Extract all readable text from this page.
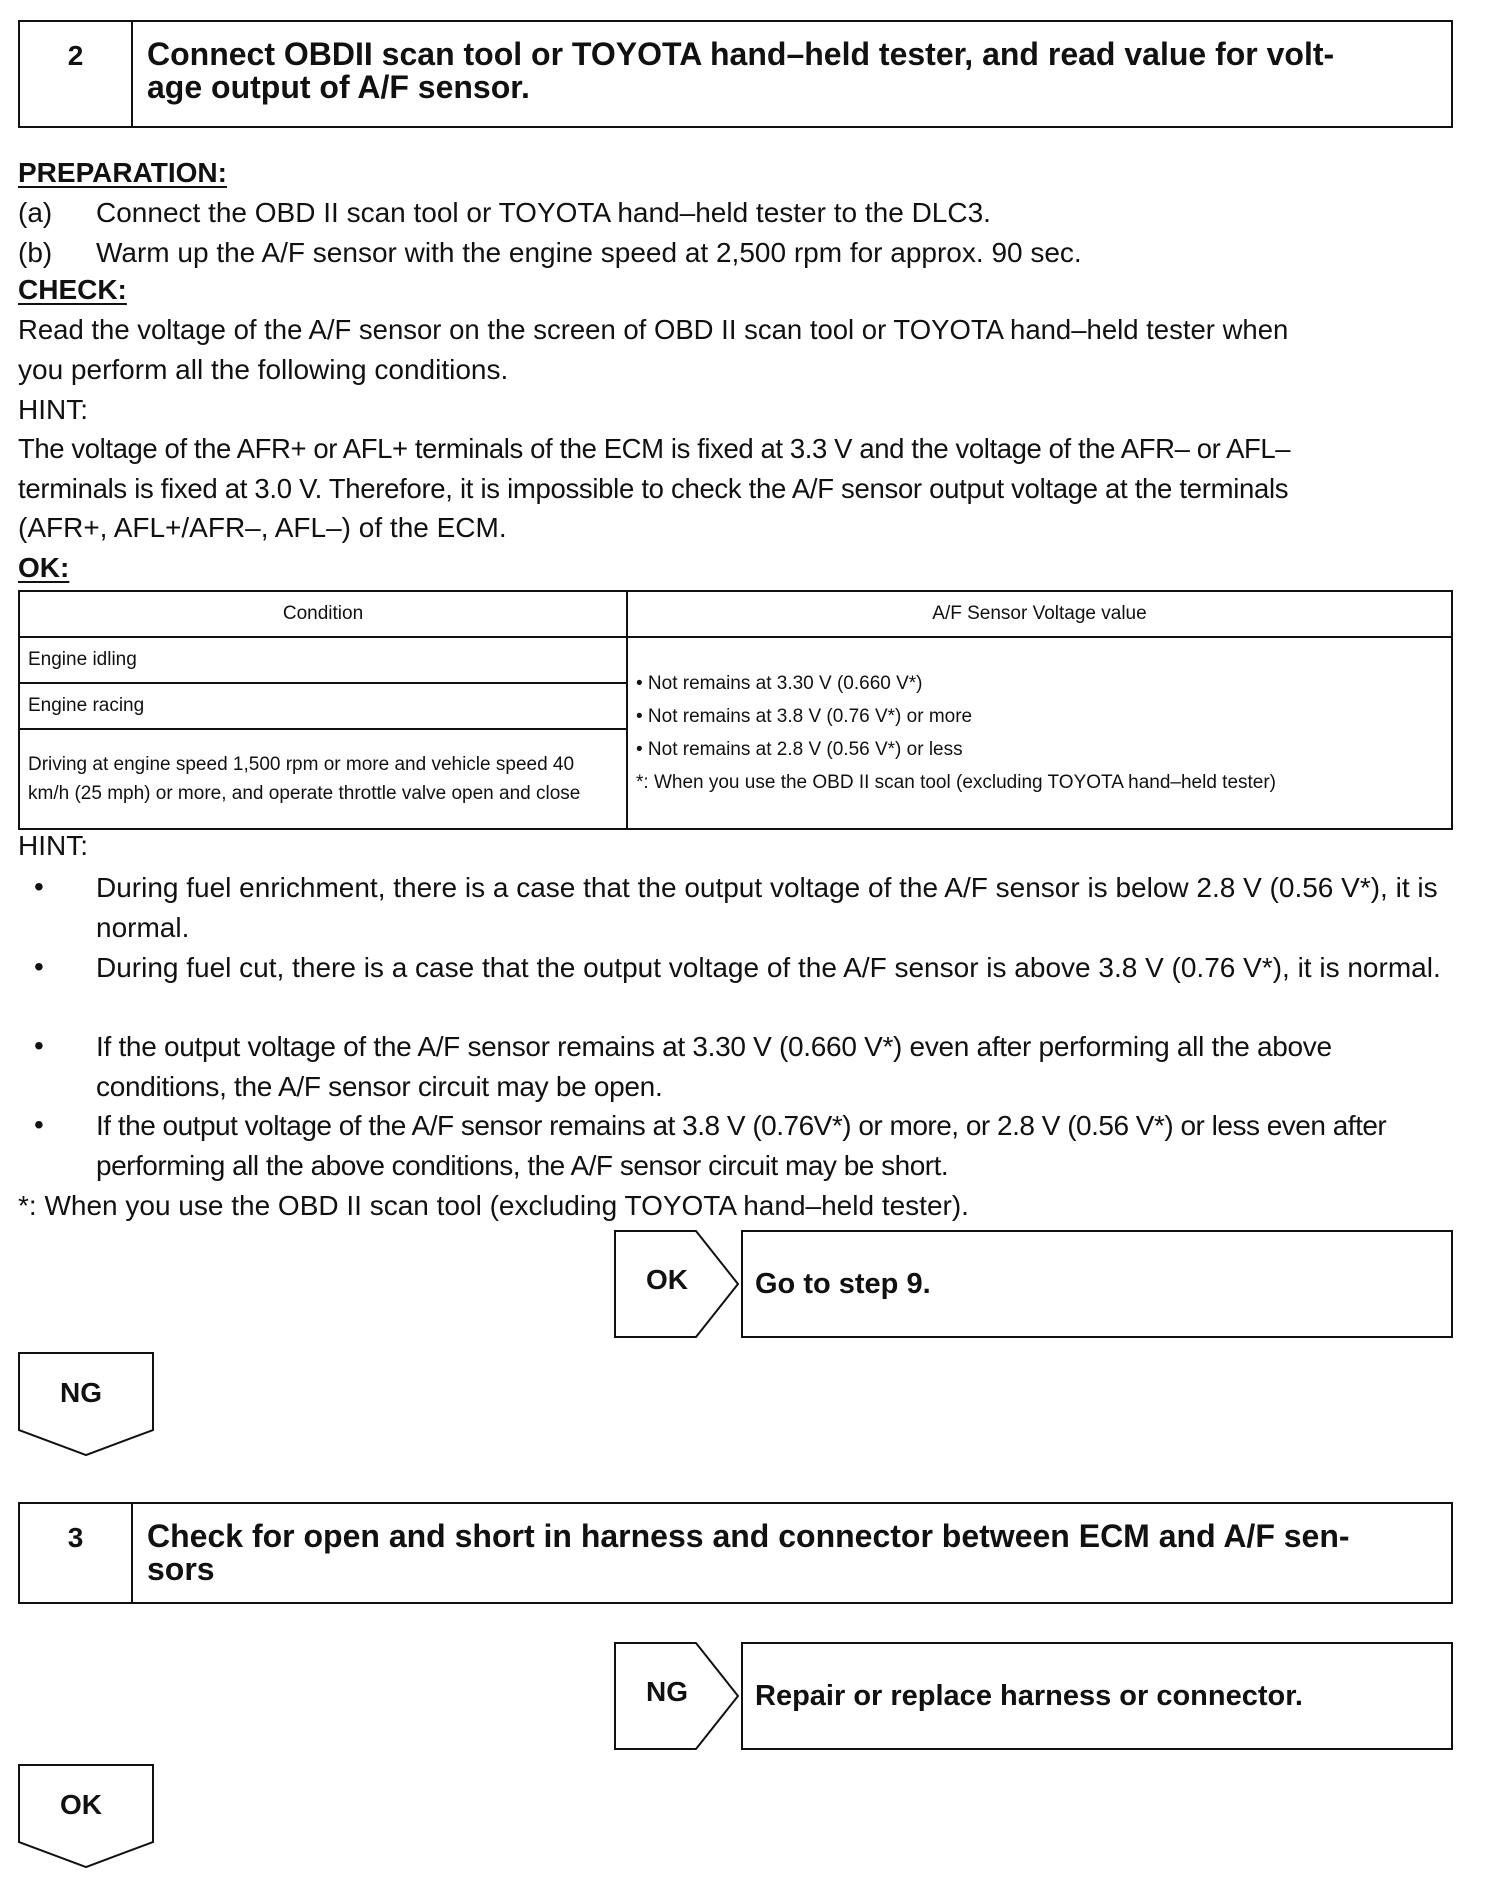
2	Connect OBDII scan tool or TOYOTA hand–held tester, and read value for volt-
age output of A/F sensor.
PREPARATION:
(a) Connect the OBD II scan tool or TOYOTA hand–held tester to the DLC3.
(b) Warm up the A/F sensor with the engine speed at 2,500 rpm for approx. 90 sec.
CHECK:
Read the voltage of the A/F sensor on the screen of OBD II scan tool or TOYOTA hand–held tester when
you perform all the following conditions.
HINT:
The voltage of the AFR+ or AFL+ terminals of the ECM is fixed at 3.3 V and the voltage of the AFR– or AFL–
terminals is fixed at 3.0 V. Therefore, it is impossible to check the A/F sensor output voltage at the terminals
(AFR+, AFL+/AFR–, AFL–) of the ECM.
OK:
Condition	A/F Sensor Voltage value
Engine idling	• Not remains at 3.30 V (0.660 V*)
• Not remains at 3.8 V (0.76 V*) or more
• Not remains at 2.8 V (0.56 V*) or less
*: When you use the OBD II scan tool (excluding TOYOTA hand–held tester)

Engine racing	
Driving at engine speed 1,500 rpm or more and vehicle speed 40 km/h (25 mph) or more, and operate throttle valve open and close	
HINT:
• During fuel enrichment, there is a case that the output voltage of the A/F sensor is below 2.8 V (0.56 V*), it is normal.
• During fuel cut, there is a case that the output voltage of the A/F sensor is above 3.8 V (0.76 V*), it is normal.
• If the output voltage of the A/F sensor remains at 3.30 V (0.660 V*) even after performing all the above conditions, the A/F sensor circuit may be open.
• If the output voltage of the A/F sensor remains at 3.8 V (0.76V*) or more, or 2.8 V (0.56 V*) or less even after performing all the above conditions, the A/F sensor circuit may be short.
*: When you use the OBD II scan tool (excluding TOYOTA hand–held tester).
OK	Go to step 9.
NG
3	Check for open and short in harness and connector between ECM and A/F sen-
sors
NG	Repair or replace harness or connector.
OK
